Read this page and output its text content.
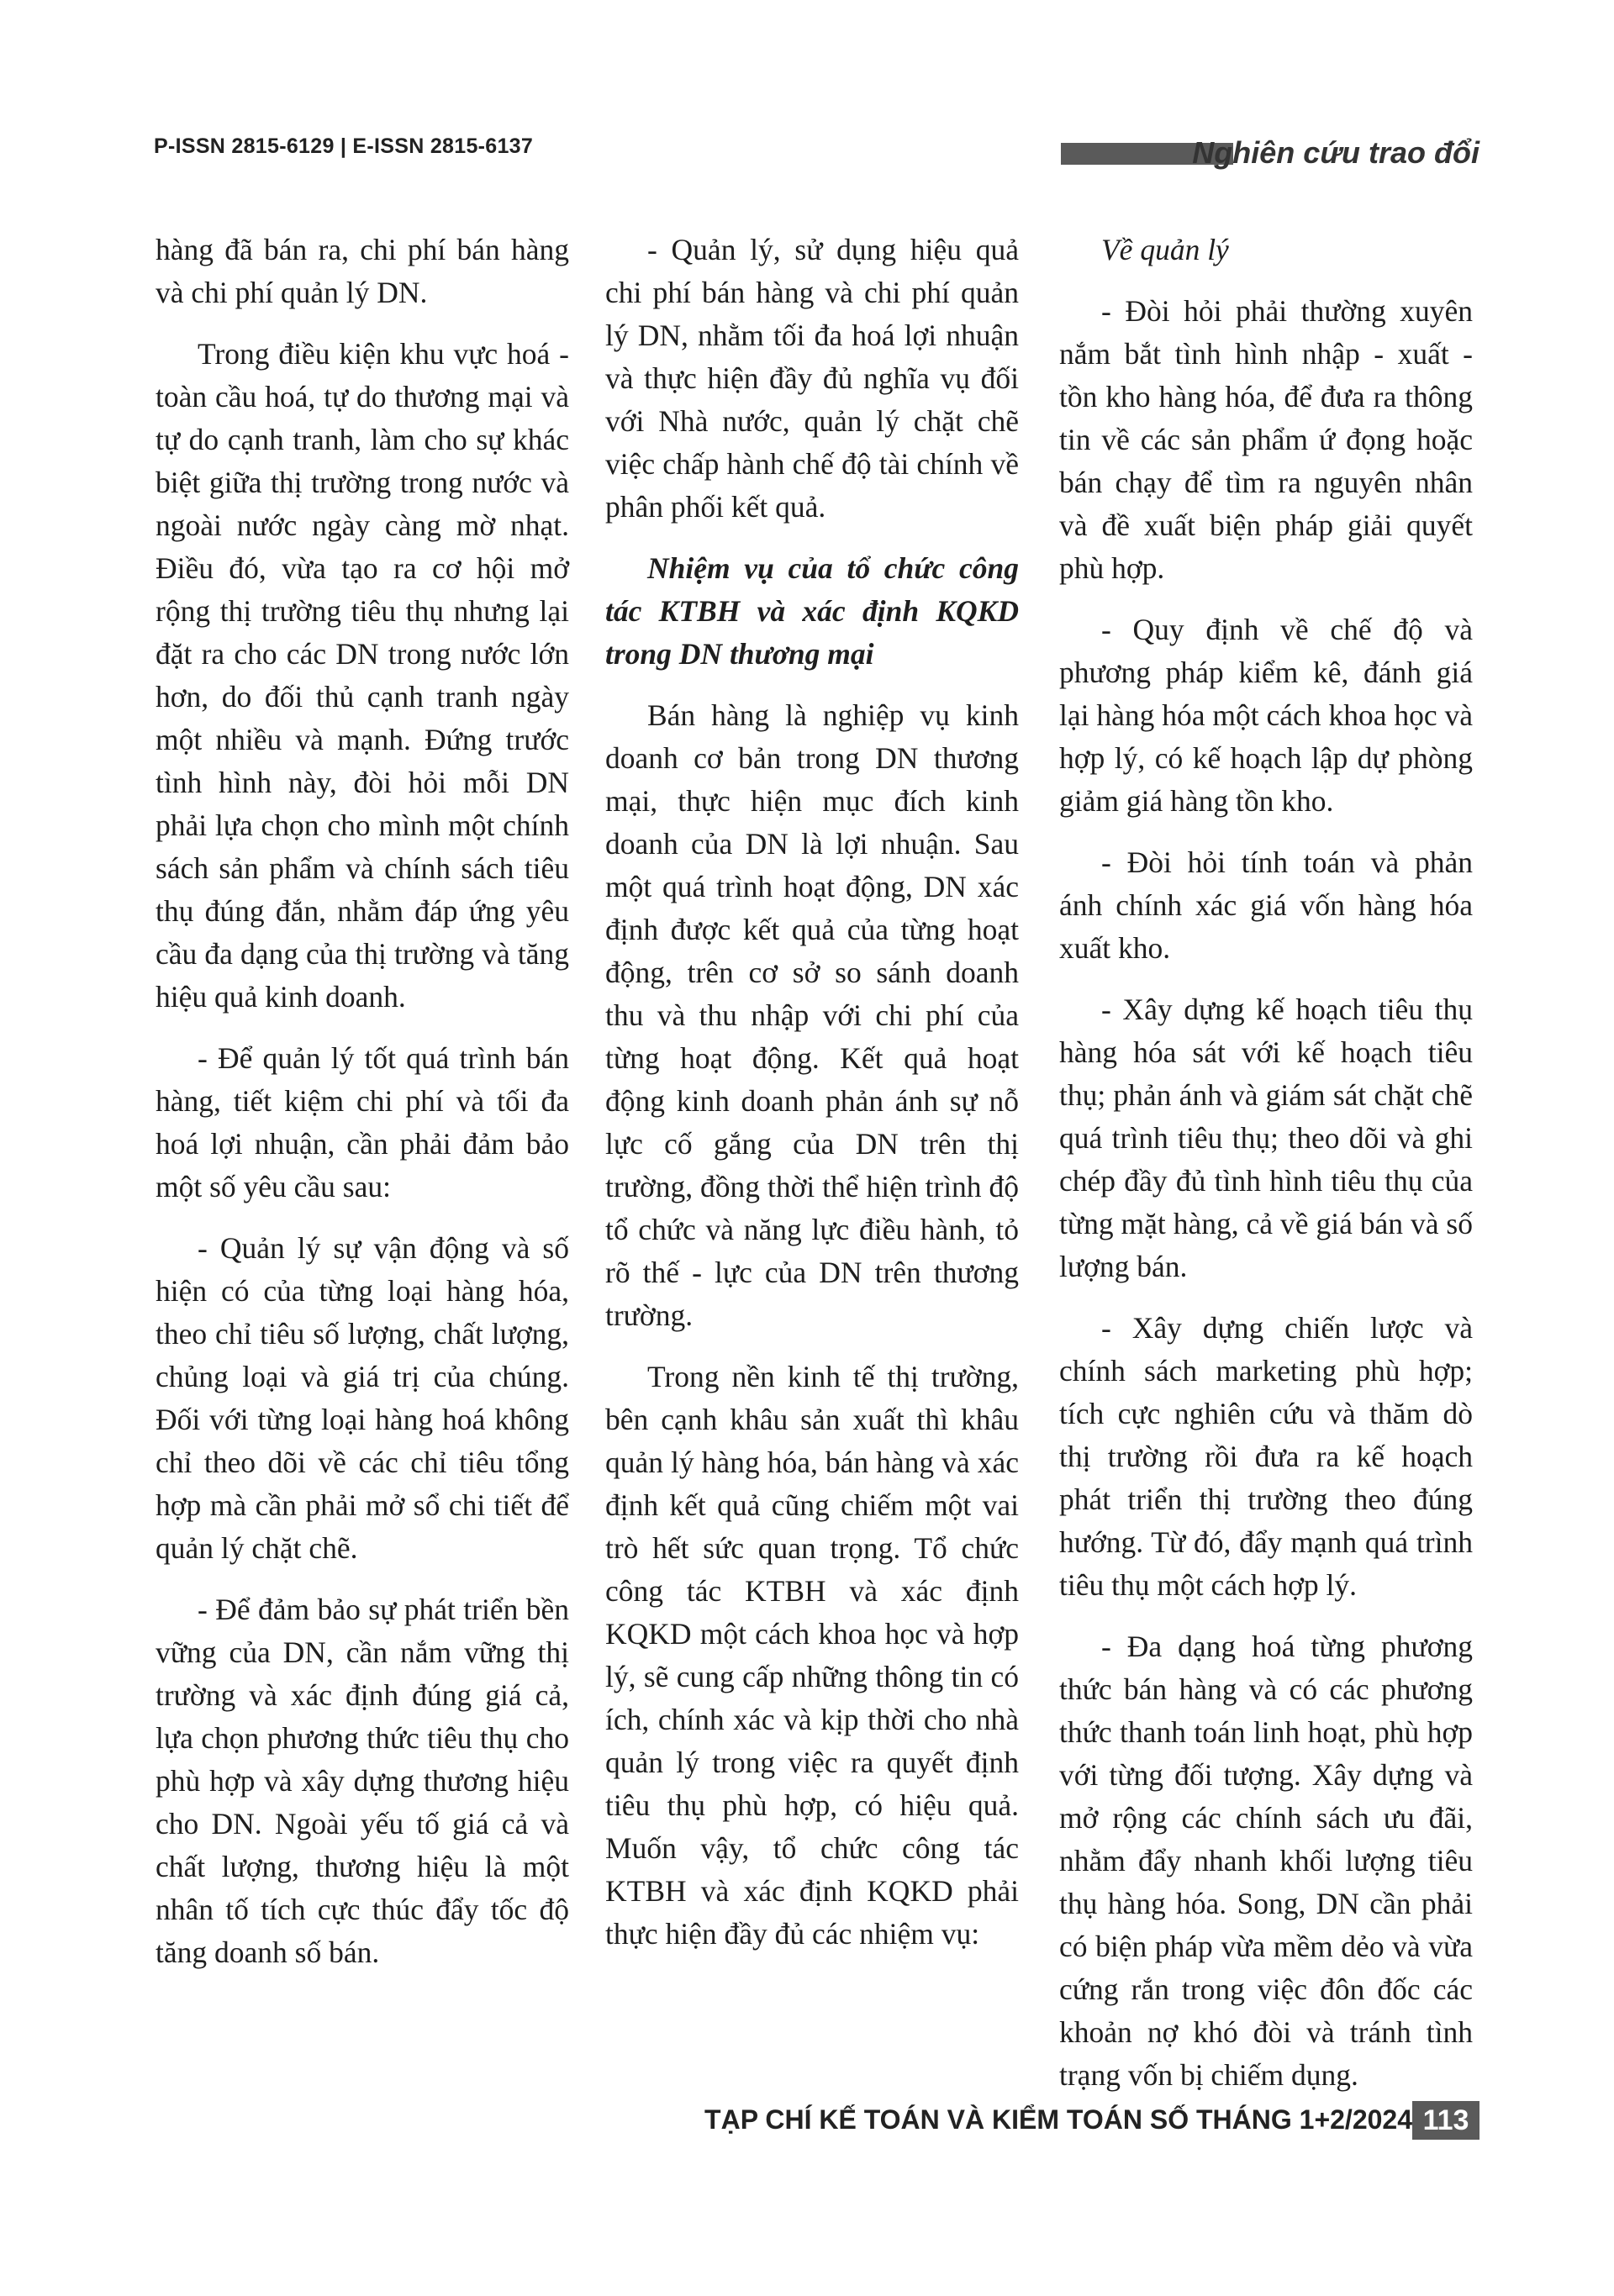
P-ISSN 2815-6129 | E-ISSN 2815-6137	Nghiên cứu trao đổi

hàng đã bán ra, chi phí bán hàng và chi phí quản lý DN.

Trong điều kiện khu vực hoá - toàn cầu hoá, tự do thương mại và tự do cạnh tranh, làm cho sự khác biệt giữa thị trường trong nước và ngoài nước ngày càng mờ nhạt. Điều đó, vừa tạo ra cơ hội mở rộng thị trường tiêu thụ nhưng lại đặt ra cho các DN trong nước lớn hơn, do đối thủ cạnh tranh ngày một nhiều và mạnh. Đứng trước tình hình này, đòi hỏi mỗi DN phải lựa chọn cho mình một chính sách sản phẩm và chính sách tiêu thụ đúng đắn, nhằm đáp ứng yêu cầu đa dạng của thị trường và tăng hiệu quả kinh doanh.

- Để quản lý tốt quá trình bán hàng, tiết kiệm chi phí và tối đa hoá lợi nhuận, cần phải đảm bảo một số yêu cầu sau:

- Quản lý sự vận động và số hiện có của từng loại hàng hóa, theo chỉ tiêu số lượng, chất lượng, chủng loại và giá trị của chúng. Đối với từng loại hàng hoá không chỉ theo dõi về các chỉ tiêu tổng hợp mà cần phải mở sổ chi tiết để quản lý chặt chẽ.

- Để đảm bảo sự phát triển bền vững của DN, cần nắm vững thị trường và xác định đúng giá cả, lựa chọn phương thức tiêu thụ cho phù hợp và xây dựng thương hiệu cho DN. Ngoài yếu tố giá cả và chất lượng, thương hiệu là một nhân tố tích cực thúc đẩy tốc độ tăng doanh số bán.

- Quản lý, sử dụng hiệu quả chi phí bán hàng và chi phí quản lý DN, nhằm tối đa hoá lợi nhuận và thực hiện đầy đủ nghĩa vụ đối với Nhà nước, quản lý chặt chẽ việc chấp hành chế độ tài chính về phân phối kết quả.

Nhiệm vụ của tổ chức công tác KTBH và xác định KQKD trong DN thương mại

Bán hàng là nghiệp vụ kinh doanh cơ bản trong DN thương mại, thực hiện mục đích kinh doanh của DN là lợi nhuận. Sau một quá trình hoạt động, DN xác định được kết quả của từng hoạt động, trên cơ sở so sánh doanh thu và thu nhập với chi phí của từng hoạt động. Kết quả hoạt động kinh doanh phản ánh sự nỗ lực cố gắng của DN trên thị trường, đồng thời thể hiện trình độ tổ chức và năng lực điều hành, tỏ rõ thế - lực của DN trên thương trường.

Trong nền kinh tế thị trường, bên cạnh khâu sản xuất thì khâu quản lý hàng hóa, bán hàng và xác định kết quả cũng chiếm một vai trò hết sức quan trọng. Tổ chức công tác KTBH và xác định KQKD một cách khoa học và hợp lý, sẽ cung cấp những thông tin có ích, chính xác và kịp thời cho nhà quản lý trong việc ra quyết định tiêu thụ phù hợp, có hiệu quả. Muốn vậy, tổ chức công tác KTBH và xác định KQKD phải thực hiện đầy đủ các nhiệm vụ:

Về quản lý

- Đòi hỏi phải thường xuyên nắm bắt tình hình nhập - xuất - tồn kho hàng hóa, để đưa ra thông tin về các sản phẩm ứ đọng hoặc bán chạy để tìm ra nguyên nhân và đề xuất biện pháp giải quyết phù hợp.

- Quy định về chế độ và phương pháp kiểm kê, đánh giá lại hàng hóa một cách khoa học và hợp lý, có kế hoạch lập dự phòng giảm giá hàng tồn kho.

- Đòi hỏi tính toán và phản ánh chính xác giá vốn hàng hóa xuất kho.

- Xây dựng kế hoạch tiêu thụ hàng hóa sát với kế hoạch tiêu thụ; phản ánh và giám sát chặt chẽ quá trình tiêu thụ; theo dõi và ghi chép đầy đủ tình hình tiêu thụ của từng mặt hàng, cả về giá bán và số lượng bán.

- Xây dựng chiến lược và chính sách marketing phù hợp; tích cực nghiên cứu và thăm dò thị trường rồi đưa ra kế hoạch phát triển thị trường theo đúng hướng. Từ đó, đẩy mạnh quá trình tiêu thụ một cách hợp lý.

- Đa dạng hoá từng phương thức bán hàng và có các phương thức thanh toán linh hoạt, phù hợp với từng đối tượng. Xây dựng và mở rộng các chính sách ưu đãi, nhằm đẩy nhanh khối lượng tiêu thụ hàng hóa. Song, DN cần phải có biện pháp vừa mềm dẻo và vừa cứng rắn trong việc đôn đốc các khoản nợ khó đòi và tránh tình trạng vốn bị chiếm dụng.

TẠP CHÍ KẾ TOÁN VÀ KIỂM TOÁN SỐ THÁNG 1+2/2024 113
